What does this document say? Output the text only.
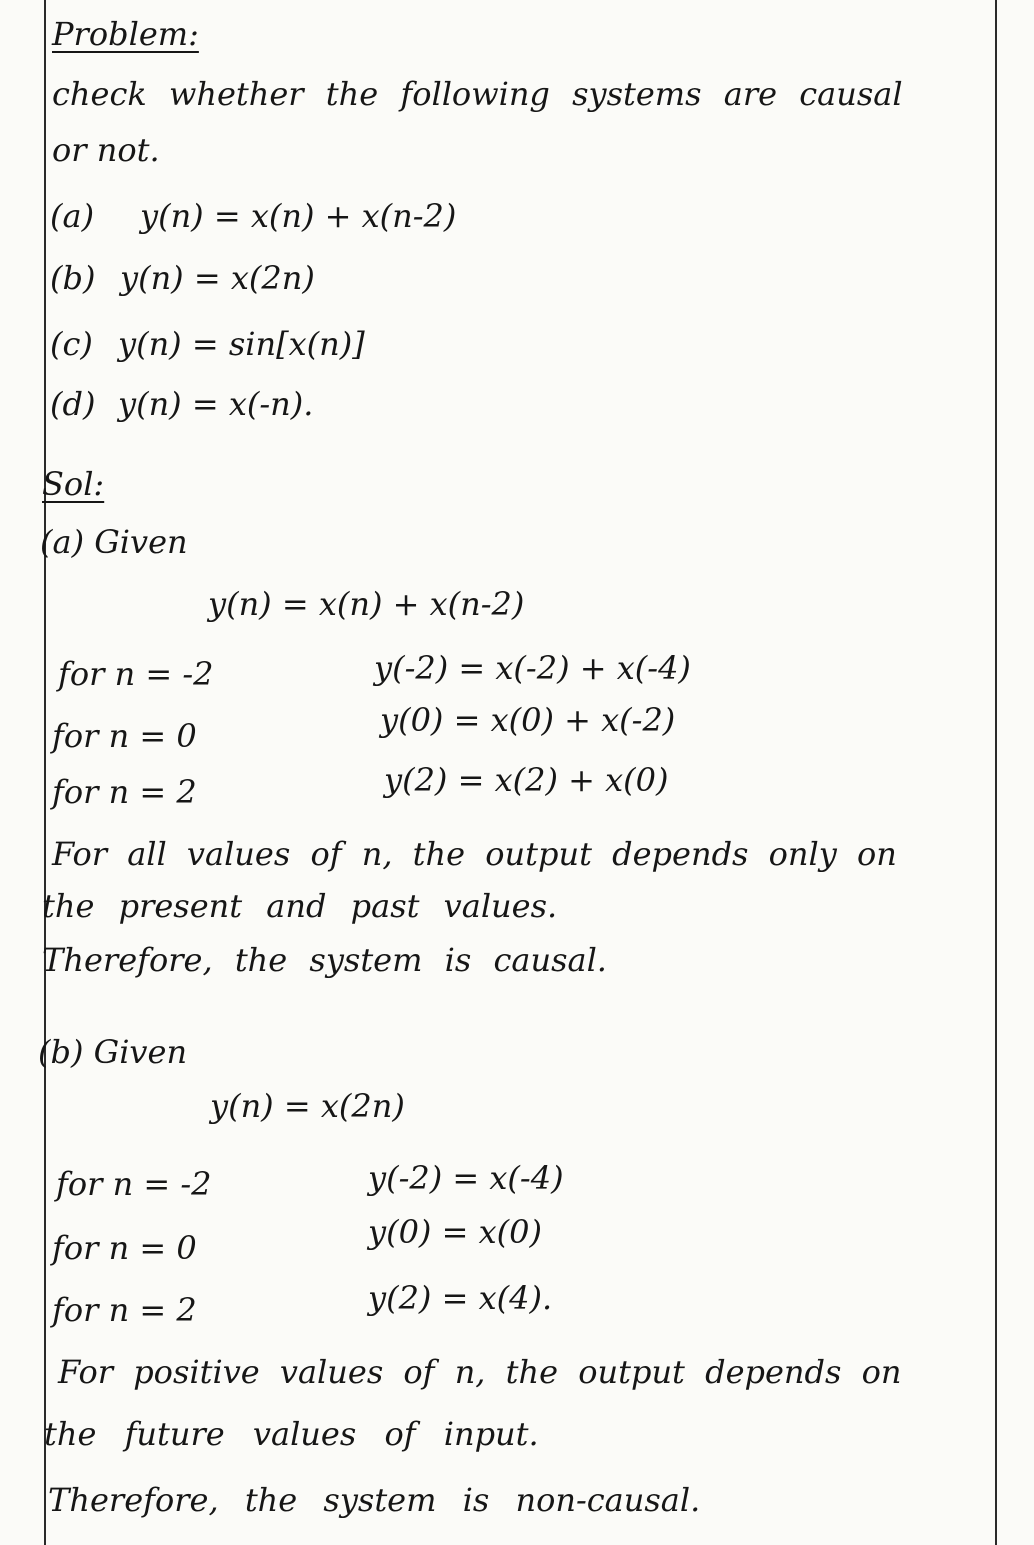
Problem:
check whether the following systems are causal
or not.
(a) y(n) = x(n) + x(n-2)
(b) y(n) = x(2n)
(c) y(n) = sin[x(n)]
(d) y(n) = x(-n).
Sol:
(a) Given
y(n) = x(n) + x(n-2)
for n = -2	y(-2) = x(-2) + x(-4)
for n = 0	y(0) = x(0) + x(-2)
for n = 2	y(2) = x(2) + x(0)
For all values of n, the output depends only on
the present and past values.
Therefore, the system is causal.
(b) Given
y(n) = x(2n)
for n = -2	y(-2) = x(-4)
for n = 0	y(0) = x(0)
for n = 2	y(2) = x(4).
For positive values of n, the output depends on
the future values of input.
Therefore, the system is non-causal.
